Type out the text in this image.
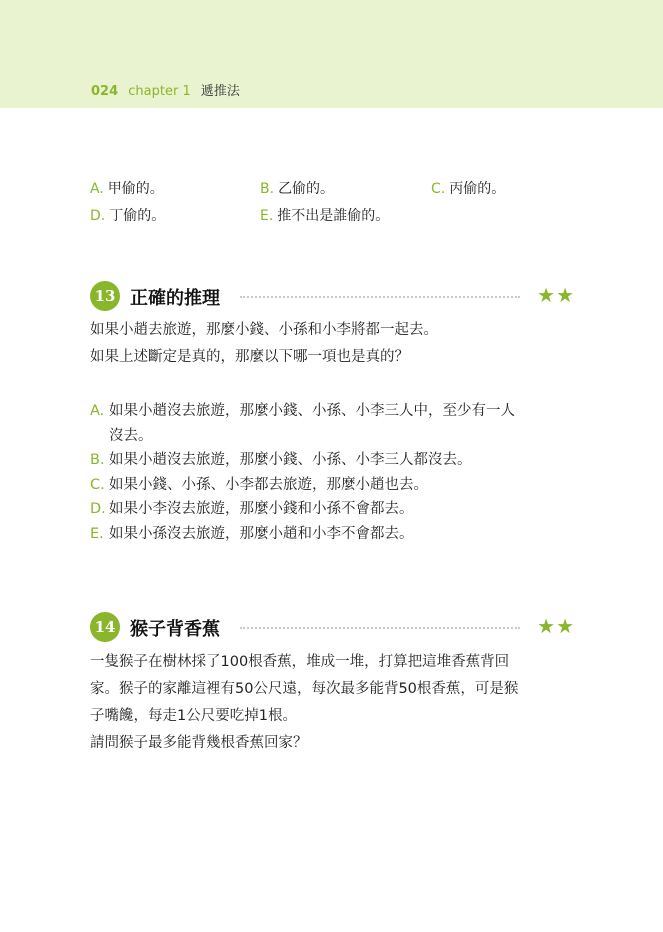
024 chapter 1 遞推法
A. 甲偷的。	B. 乙偷的。	C. 丙偷的。
D. 丁偷的。	E. 推不出是誰偷的。
13 正確的推理	★★
如果小趙去旅遊，那麼小錢、小孫和小李將都一起去。
如果上述斷定是真的，那麼以下哪一項也是真的？
A. 如果小趙沒去旅遊，那麼小錢、小孫、小李三人中，至少有一人
沒去。
B. 如果小趙沒去旅遊，那麼小錢、小孫、小李三人都沒去。
C. 如果小錢、小孫、小李都去旅遊，那麼小趙也去。
D. 如果小李沒去旅遊，那麼小錢和小孫不會都去。
E. 如果小孫沒去旅遊，那麼小趙和小李不會都去。
14 猴子背香蕉	★★
一隻猴子在樹林採了100根香蕉，堆成一堆，打算把這堆香蕉背回
家。猴子的家離這裡有50公尺遠，每次最多能背50根香蕉，可是猴
子嘴饞，每走1公尺要吃掉1根。
請問猴子最多能背幾根香蕉回家？
